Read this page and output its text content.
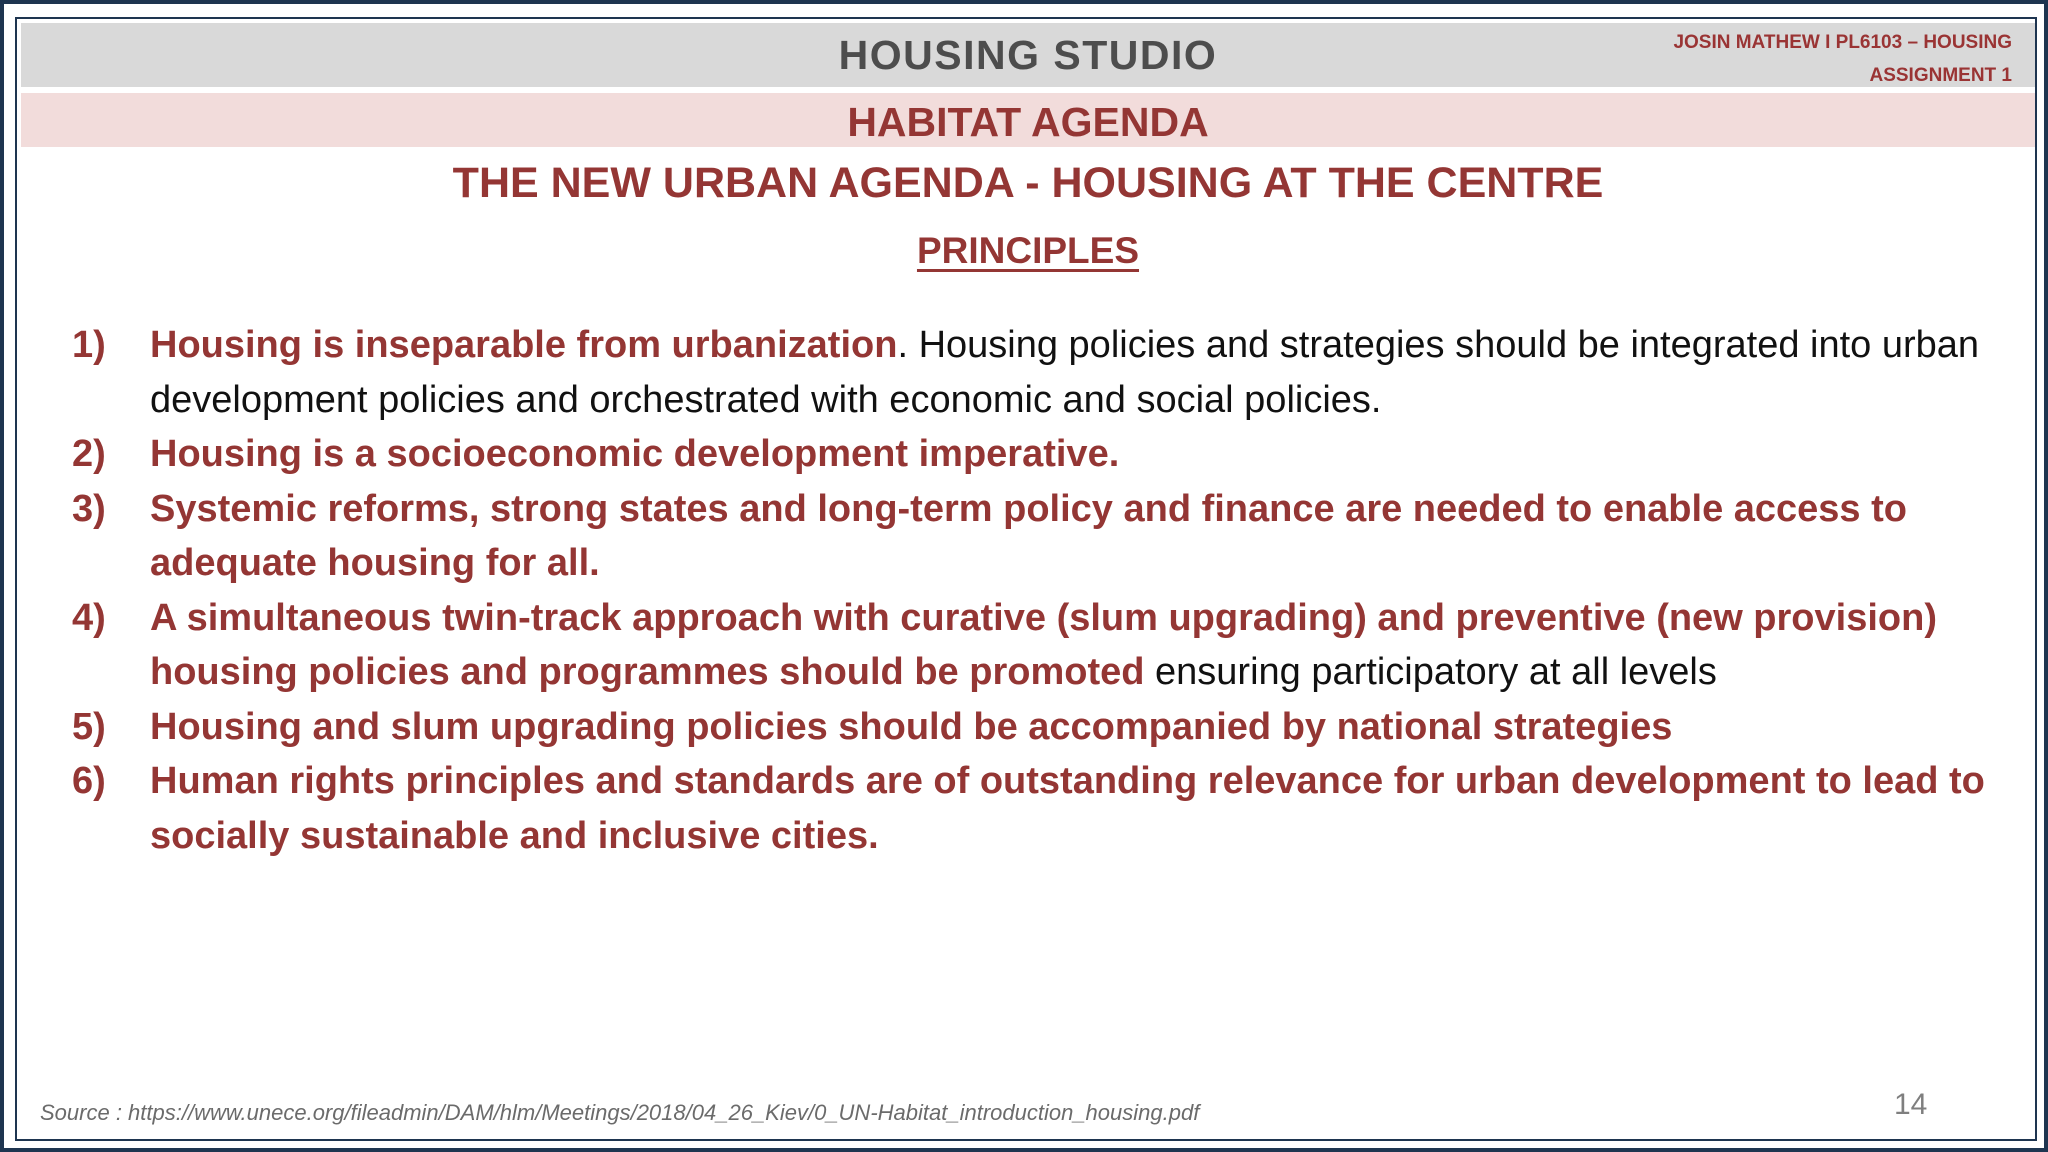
HOUSING STUDIO	JOSIN MATHEW I PL6103 – HOUSING
ASSIGNMENT 1
HABITAT AGENDA
THE NEW URBAN AGENDA - HOUSING AT THE CENTRE
PRINCIPLES
1) Housing is inseparable from urbanization. Housing policies and strategies should be integrated into urban development policies and orchestrated with economic and social policies.
2) Housing is a socioeconomic development imperative.
3) Systemic reforms, strong states and long-term policy and finance are needed to enable access to adequate housing for all.
4) A simultaneous twin-track approach with curative (slum upgrading) and preventive (new provision) housing policies and programmes should be promoted ensuring participatory at all levels
5) Housing and slum upgrading policies should be accompanied by national strategies
6) Human rights principles and standards are of outstanding relevance for urban development to lead to socially sustainable and inclusive cities.
Source : https://www.unece.org/fileadmin/DAM/hlm/Meetings/2018/04_26_Kiev/0_UN-Habitat_introduction_housing.pdf	14
